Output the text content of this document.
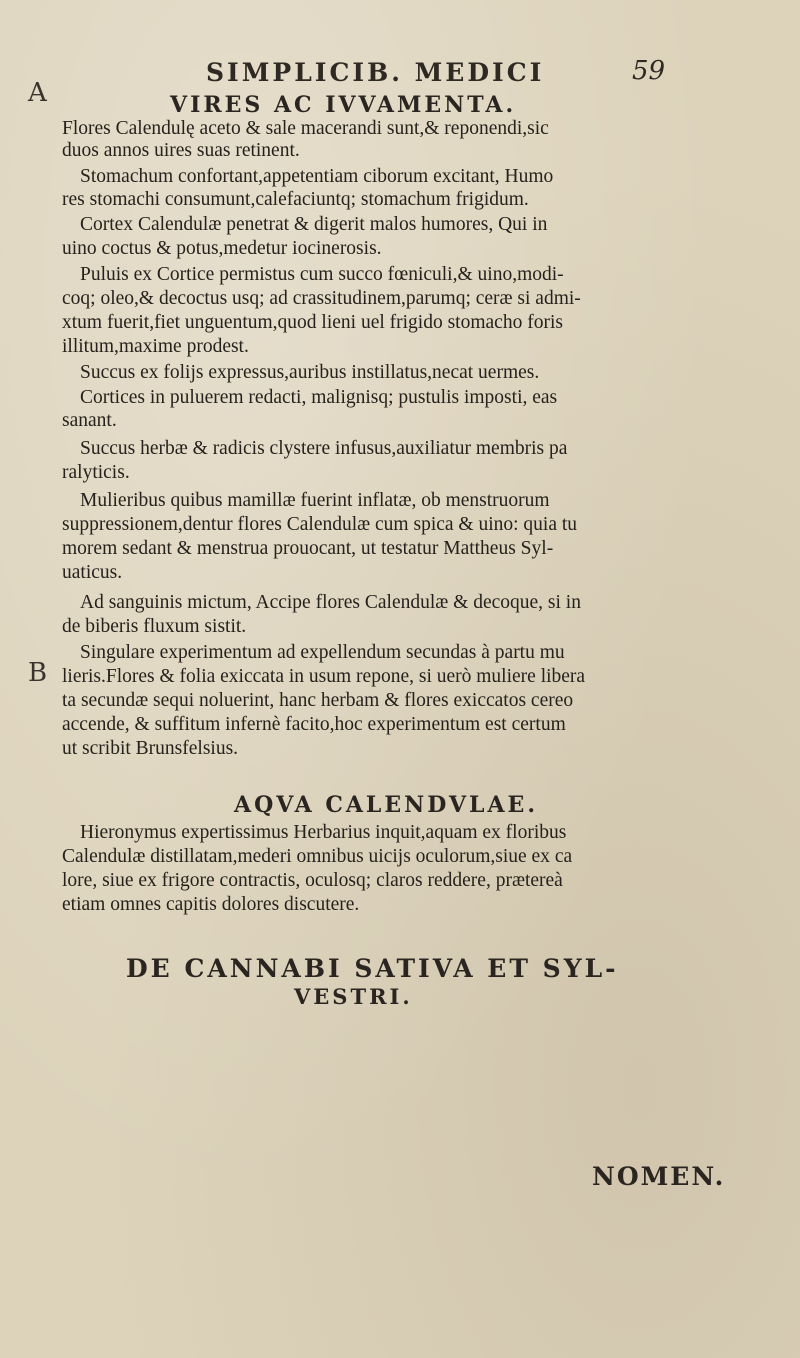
A
B
SIMPLICIB. MEDICI	59
VIRES AC IVVAMENTA.
Flores Calendulę aceto & sale macerandi sunt,& reponendi,sic
duos annos uires suas retinent.
Stomachum confortant,appetentiam ciborum excitant, Humo
res stomachi consumunt,calefaciuntq; stomachum frigidum.
Cortex Calendulæ penetrat & digerit malos humores, Qui in
uino coctus & potus,medetur iocinerosis.
Puluis ex Cortice permistus cum succo fœniculi,& uino,modi-
coq; oleo,& decoctus usq; ad crassitudinem,parumq; ceræ si admi-
xtum fuerit,fiet unguentum,quod lieni uel frigido stomacho foris
illitum,maxime prodest.
Succus ex folijs expressus,auribus instillatus,necat uermes.
Cortices in puluerem redacti, malignisq; pustulis imposti, eas
sanant.
Succus herbæ & radicis clystere infusus,auxiliatur membris pa
ralyticis.
Mulieribus quibus mamillæ fuerint inflatæ, ob menstruorum
suppressionem,dentur flores Calendulæ cum spica & uino: quia tu
morem sedant & menstrua prouocant, ut testatur Mattheus Syl-
uaticus.
Ad sanguinis mictum, Accipe flores Calendulæ & decoque, si in
de biberis fluxum sistit.
Singulare experimentum ad expellendum secundas à partu mu
lieris.Flores & folia exiccata in usum repone, si uerò muliere libera
ta secundæ sequi noluerint, hanc herbam & flores exiccatos cereo
accende, & suffitum infernè facito,hoc experimentum est certum
ut scribit Brunsfelsius.
AQVA CALENDVLAE.
Hieronymus expertissimus Herbarius inquit,aquam ex floribus
Calendulæ distillatam,mederi omnibus uicijs oculorum,siue ex ca
lore, siue ex frigore contractis, oculosq; claros reddere, prætereà
etiam omnes capitis dolores discutere.
DE CANNABI SATIVA ET SYL-
VESTRI.
NOMEN.
